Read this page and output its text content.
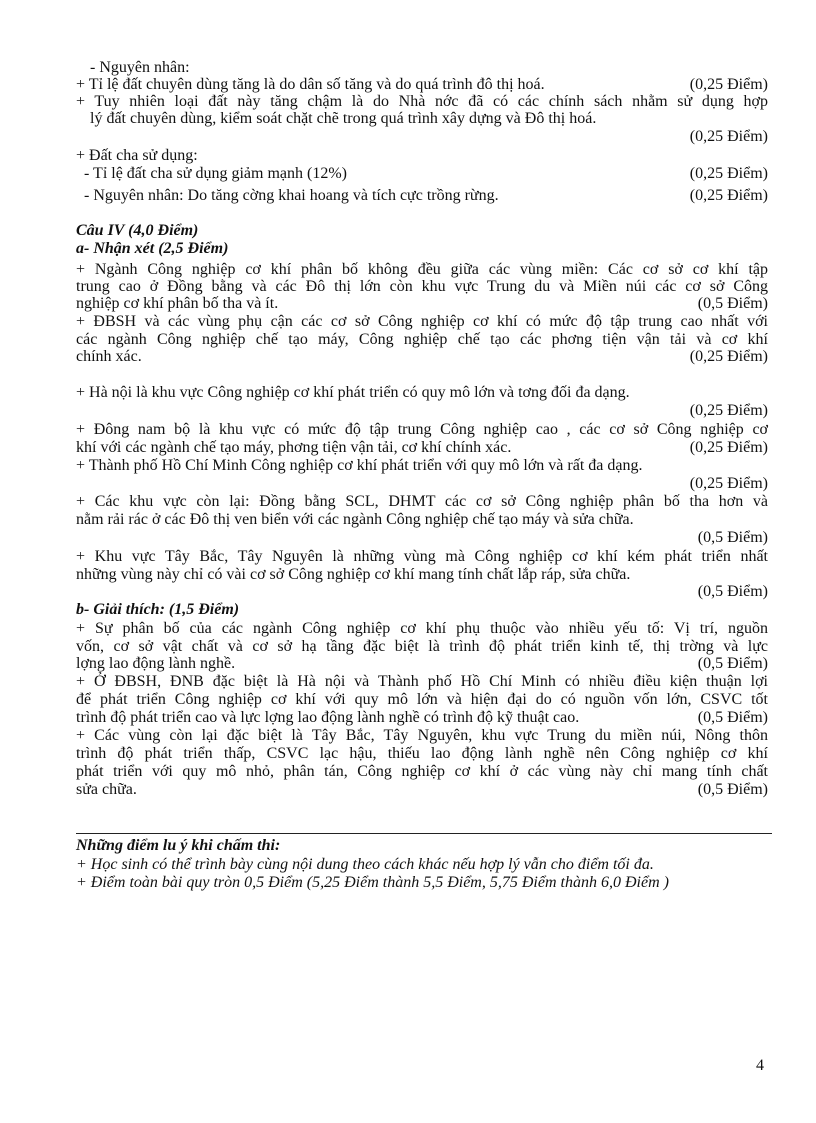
- Nguyên nhân:
+ Tỉ lệ đất chuyên dùng tăng là do dân số tăng và do quá trình đô thị hoá.	(0,25 Điểm)
+ Tuy nhiên loại đất này tăng chậm là do Nhà nớc đã có các chính sách nhằm sử dụng hợp
lý đất chuyên dùng, kiểm soát chặt chẽ trong quá trình xây dựng và Đô thị hoá.
(0,25 Điểm)
+ Đất cha sử dụng:
- Tỉ lệ đất cha sử dụng giảm mạnh (12%)	(0,25 Điểm)
- Nguyên nhân: Do tăng cờng khai hoang và tích cực trồng rừng.	(0,25 Điểm)
Câu IV (4,0 Điểm)
a- Nhận xét (2,5 Điểm)
+ Ngành Công nghiệp cơ khí phân bố không đều giữa các vùng miền: Các cơ sở cơ khí tập
trung cao ở Đồng bằng và các Đô thị lớn còn khu vực Trung du và Miền núi các cơ sở Công
nghiệp cơ khí phân bố tha và ít.	(0,5 Điểm)
+ ĐBSH và các vùng phụ cận các cơ sở Công nghiệp cơ khí có mức độ tập trung cao nhất với
các ngành Công nghiệp chế tạo máy, Công nghiệp chế tạo các phơng tiện vận tải và cơ khí
chính xác.	(0,25 Điểm)
+ Hà nội là khu vực Công nghiệp cơ khí phát triển có quy mô lớn và tơng đối đa dạng.
(0,25 Điểm)
+ Đông nam bộ là khu vực có mức độ tập trung Công nghiệp cao , các cơ sở Công nghiệp cơ
khí với các ngành chế tạo máy, phơng tiện vận tải, cơ khí chính xác.	(0,25 Điểm)
+ Thành phố Hồ Chí Minh Công nghiệp cơ khí phát triển với quy mô lớn và rất đa dạng.
(0,25 Điểm)
+ Các khu vực còn lại: Đồng bằng SCL, DHMT các cơ sở Công nghiệp phân bố tha hơn và
nằm rải rác ở các Đô thị ven biển với các ngành Công nghiệp chế tạo máy và sửa chữa.
(0,5 Điểm)
+ Khu vực Tây Bắc, Tây Nguyên là những vùng mà Công nghiệp cơ khí kém phát triển nhất
những vùng này chỉ có vài cơ sở Công nghiệp cơ khí mang tính chất lắp ráp, sửa chữa.
(0,5 Điểm)
b- Giải thích: (1,5 Điểm)
+ Sự phân bố của các ngành Công nghiệp cơ khí phụ thuộc vào nhiều yếu tố: Vị trí, nguồn
vốn, cơ sở vật chất và cơ sở hạ tầng đặc biệt là trình độ phát triển kinh tế, thị trờng và lực
lợng lao động lành nghề.	(0,5 Điểm)
+ Ở ĐBSH, ĐNB đặc biệt là Hà nội và Thành phố Hồ Chí Minh có nhiều điều kiện thuận lợi
để phát triển Công nghiệp cơ khí với quy mô lớn và hiện đại do có nguồn vốn lớn, CSVC tốt
trình độ phát triển cao và lực lợng lao động lành nghề có trình độ kỹ thuật cao.	(0,5 Điểm)
+ Các vùng còn lại đặc biệt là Tây Bắc, Tây Nguyên, khu vực Trung du miền núi, Nông thôn
trình độ phát triển thấp, CSVC lạc hậu, thiếu lao động lành nghề nên Công nghiệp cơ khí
phát triển với quy mô nhỏ, phân tán, Công nghiệp cơ khí ở các vùng này chỉ mang tính chất
sửa chữa.	(0,5 Điểm)
Những điểm lu ý khi chấm thi:
+ Học sinh có thể trình bày cùng nội dung theo cách khác nếu hợp lý vẫn cho điểm tối đa.
+ Điểm toàn bài quy tròn 0,5 Điểm (5,25 Điểm thành 5,5 Điểm, 5,75 Điểm thành 6,0 Điểm )
4
